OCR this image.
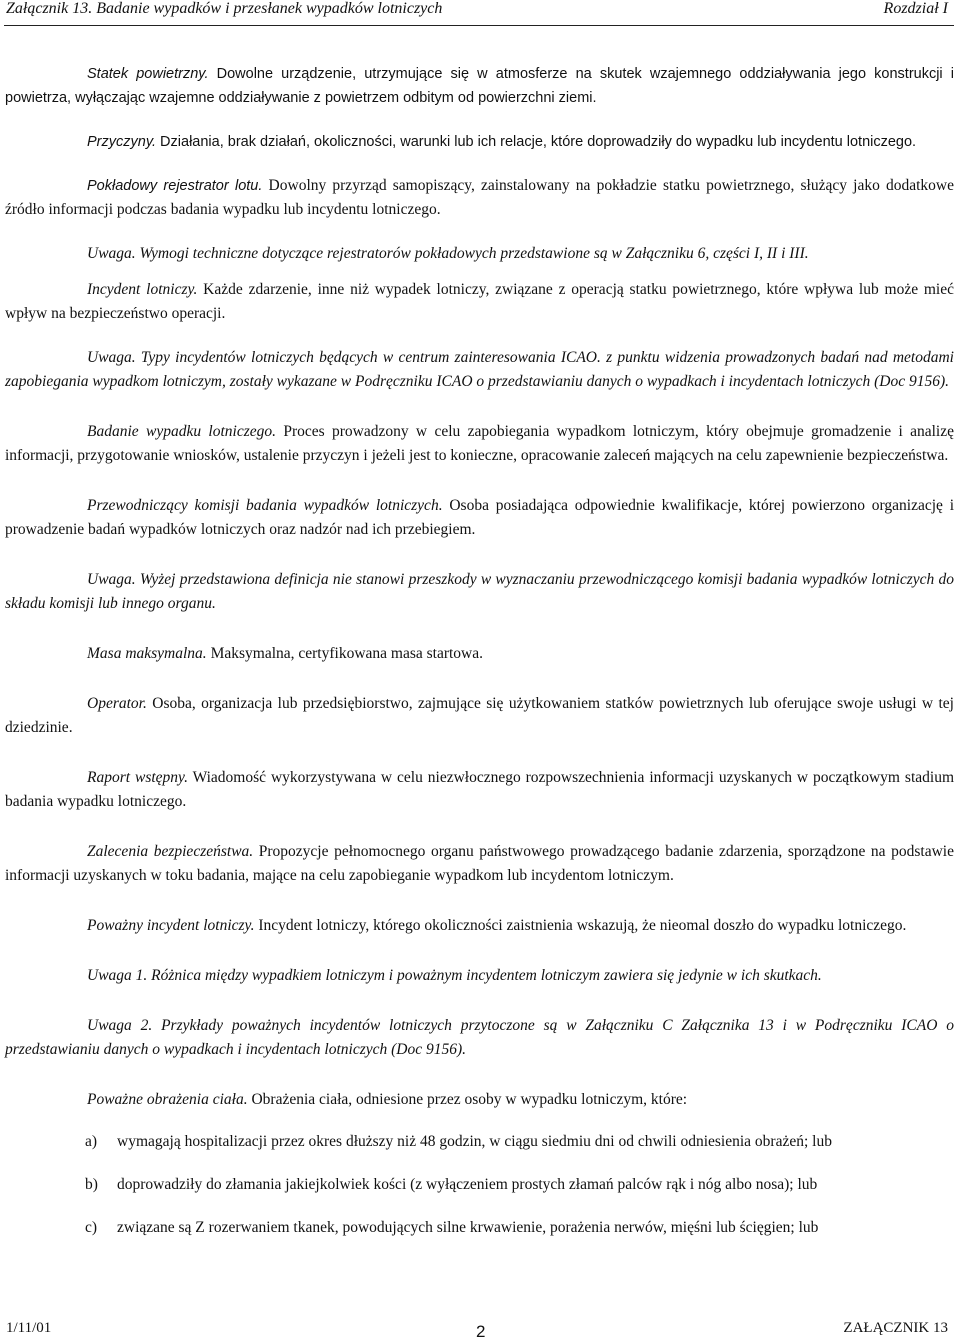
Załącznik 13. Badanie wypadków i przesłanek wypadków lotniczych	Rozdział I

Statek powietrzny. Dowolne urządzenie, utrzymujące się w atmosferze na skutek wzajemnego oddziaływania jego konstrukcji i powietrza, wyłączając wzajemne oddziaływanie z powietrzem odbitym od powierzchni ziemi.

Przyczyny. Działania, brak działań, okoliczności, warunki lub ich relacje, które doprowadziły do wypadku lub incydentu lotniczego.

Pokładowy rejestrator lotu. Dowolny przyrząd samopiszący, zainstalowany na pokładzie statku powietrznego, służący jako dodatkowe źródło informacji podczas badania wypadku lub incydentu lotniczego.

Uwaga. Wymogi techniczne dotyczące rejestratorów pokładowych przedstawione są w Załączniku 6, części I, II i III.

Incydent lotniczy. Każde zdarzenie, inne niż wypadek lotniczy, związane z operacją statku powietrznego, które wpływa lub może mieć wpływ na bezpieczeństwo operacji.

Uwaga. Typy incydentów lotniczych będących w centrum zainteresowania ICAO. z punktu widzenia prowadzonych badań nad metodami zapobiegania wypadkom lotniczym, zostały wykazane w Podręczniku ICAO o przedstawianiu danych o wypadkach i incydentach lotniczych (Doc 9156).

Badanie wypadku lotniczego. Proces prowadzony w celu zapobiegania wypadkom lotniczym, który obejmuje gromadzenie i analizę informacji, przygotowanie wniosków, ustalenie przyczyn i jeżeli jest to konieczne, opracowanie zaleceń mających na celu zapewnienie bezpieczeństwa.

Przewodniczący komisji badania wypadków lotniczych. Osoba posiadająca odpowiednie kwalifikacje, której powierzono organizację i prowadzenie badań wypadków lotniczych oraz nadzór nad ich przebiegiem.

Uwaga. Wyżej przedstawiona definicja nie stanowi przeszkody w wyznaczaniu przewodniczącego komisji badania wypadków lotniczych do składu komisji lub innego organu.

Masa maksymalna. Maksymalna, certyfikowana masa startowa.

Operator. Osoba, organizacja lub przedsiębiorstwo, zajmujące się użytkowaniem statków powietrznych lub oferujące swoje usługi w tej dziedzinie.

Raport wstępny. Wiadomość wykorzystywana w celu niezwłocznego rozpowszechnienia informacji uzyskanych w początkowym stadium badania wypadku lotniczego.

Zalecenia bezpieczeństwa. Propozycje pełnomocnego organu państwowego prowadzącego badanie zdarzenia, sporządzone na podstawie informacji uzyskanych w toku badania, mające na celu zapobieganie wypadkom lub incydentom lotniczym.

Poważny incydent lotniczy. Incydent lotniczy, którego okoliczności zaistnienia wskazują, że nieomal doszło do wypadku lotniczego.

Uwaga 1. Różnica między wypadkiem lotniczym i poważnym incydentem lotniczym zawiera się jedynie w ich skutkach.

Uwaga 2. Przykłady poważnych incydentów lotniczych przytoczone są w Załączniku C Załącznika 13 i w Podręczniku ICAO o przedstawianiu danych o wypadkach i incydentach lotniczych (Doc 9156).

Poważne obrażenia ciała. Obrażenia ciała, odniesione przez osoby w wypadku lotniczym, które:

a)	wymagają hospitalizacji przez okres dłuższy niż 48 godzin, w ciągu siedmiu dni od chwili odniesienia obrażeń; lub
b)	doprowadziły do złamania jakiejkolwiek kości (z wyłączeniem prostych złamań palców rąk i nóg albo nosa); lub
c)	związane są Z rozerwaniem tkanek, powodujących silne krwawienie, porażenia nerwów, mięśni lub ścięgien; lub
1/11/01	2	ZAŁĄCZNIK 13
